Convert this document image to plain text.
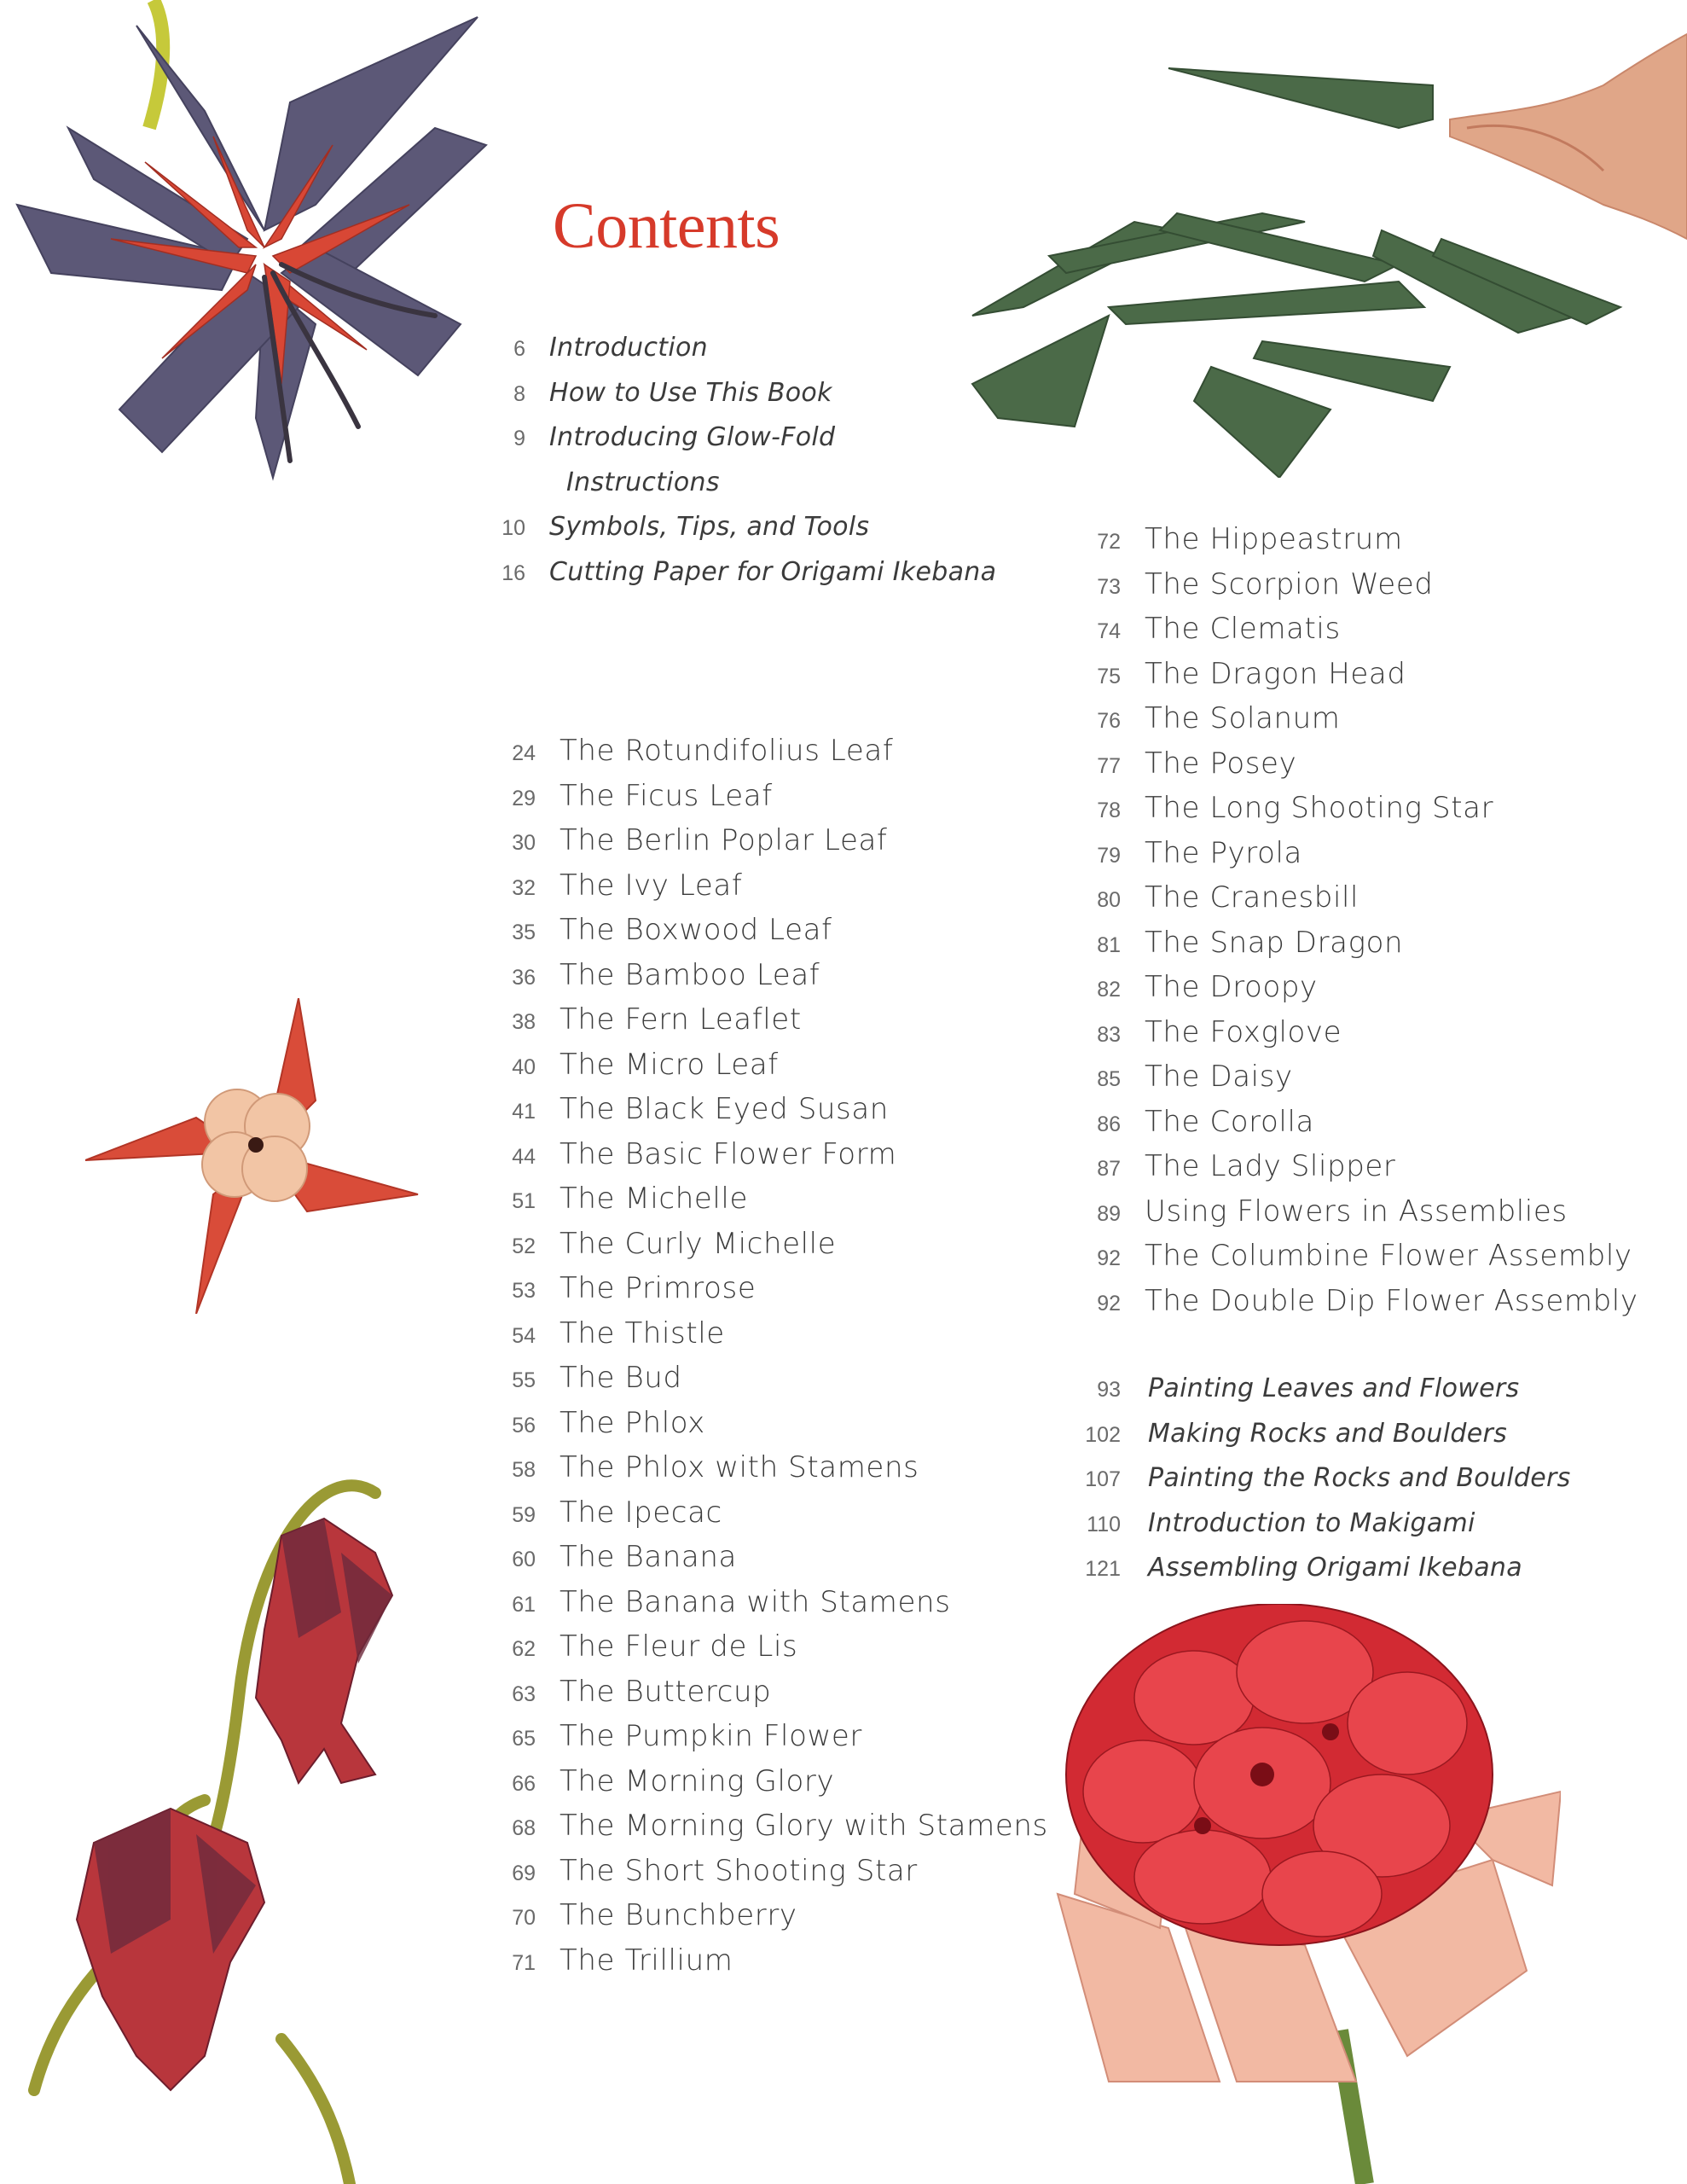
Contents
6 Introduction
8 How to Use This Book
9 Introducing Glow-Fold
Instructions
10 Symbols, Tips, and Tools
16 Cutting Paper for Origami Ikebana
24 The Rotundifolius Leaf
29 The Ficus Leaf
30 The Berlin Poplar Leaf
32 The Ivy Leaf
35 The Boxwood Leaf
36 The Bamboo Leaf
38 The Fern Leaflet
40 The Micro Leaf
41 The Black Eyed Susan
44 The Basic Flower Form
51 The Michelle
52 The Curly Michelle
53 The Primrose
54 The Thistle
55 The Bud
56 The Phlox
58 The Phlox with Stamens
59 The Ipecac
60 The Banana
61 The Banana with Stamens
62 The Fleur de Lis
63 The Buttercup
65 The Pumpkin Flower
66 The Morning Glory
68 The Morning Glory with Stamens
69 The Short Shooting Star
70 The Bunchberry
71 The Trillium
72 The Hippeastrum
73 The Scorpion Weed
74 The Clematis
75 The Dragon Head
76 The Solanum
77 The Posey
78 The Long Shooting Star
79 The Pyrola
80 The Cranesbill
81 The Snap Dragon
82 The Droopy
83 The Foxglove
85 The Daisy
86 The Corolla
87 The Lady Slipper
89 Using Flowers in Assemblies
92 The Columbine Flower Assembly
92 The Double Dip Flower Assembly
93 Painting Leaves and Flowers
102 Making Rocks and Boulders
107 Painting the Rocks and Boulders
110 Introduction to Makigami
121 Assembling Origami Ikebana
